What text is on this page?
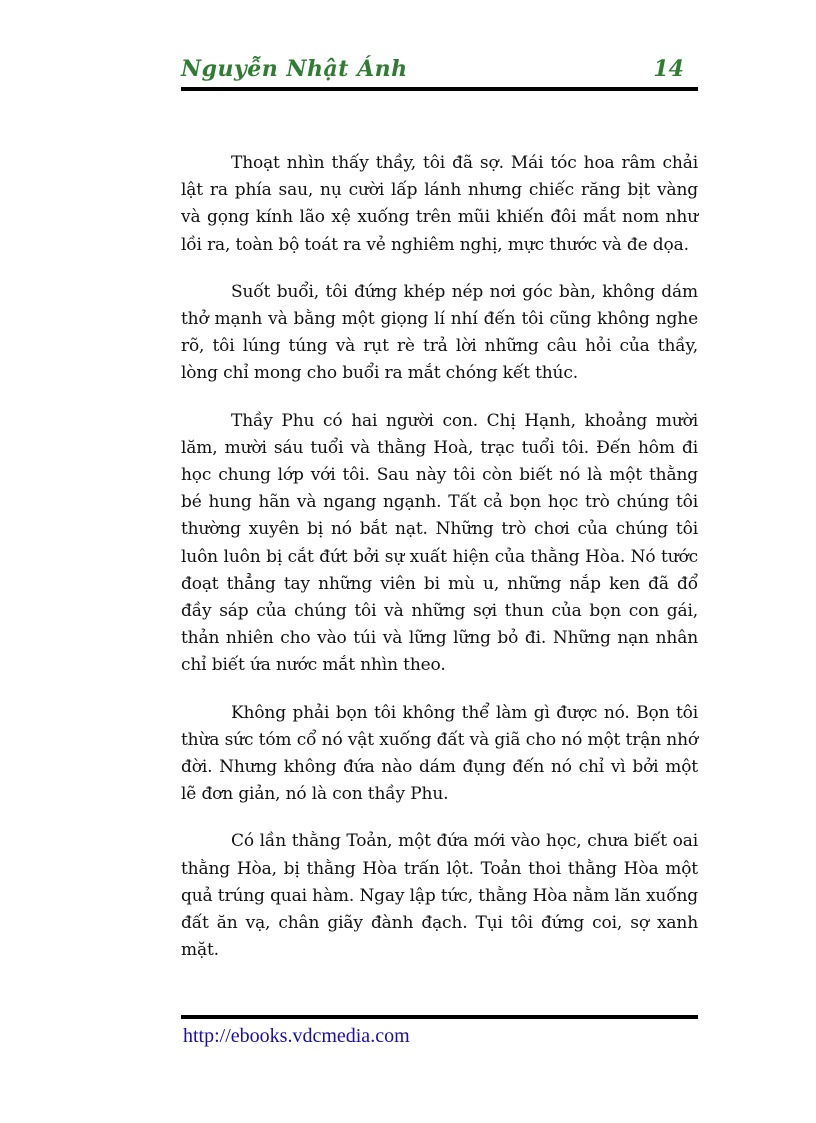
Nguyễn Nhật Ánh	14

Thoạt nhìn thấy thầy, tôi đã sợ. Mái tóc hoa râm chải lật ra phía sau, nụ cười lấp lánh nhưng chiếc răng bịt vàng và gọng kính lão xệ xuống trên mũi khiến đôi mắt nom như lồi ra, toàn bộ toát ra vẻ nghiêm nghị, mực thước và đe dọa.

Suốt buổi, tôi đứng khép nép nơi góc bàn, không dám thở mạnh và bằng một giọng lí nhí đến tôi cũng không nghe rõ, tôi lúng túng và rụt rè trả lời những câu hỏi của thầy, lòng chỉ mong cho buổi ra mắt chóng kết thúc.

Thầy Phu có hai người con. Chị Hạnh, khoảng mười lăm, mười sáu tuổi và thằng Hoà, trạc tuổi tôi. Đến hôm đi học chung lớp với tôi. Sau này tôi còn biết nó là một thằng bé hung hãn và ngang ngạnh. Tất cả bọn học trò chúng tôi thường xuyên bị nó bắt nạt. Những trò chơi của chúng tôi luôn luôn bị cắt đứt bởi sự xuất hiện của thằng Hòa. Nó tước đoạt thẳng tay những viên bi mù u, những nắp ken đã đổ đầy sáp của chúng tôi và những sợi thun của bọn con gái, thản nhiên cho vào túi và lững lững bỏ đi. Những nạn nhân chỉ biết ứa nước mắt nhìn theo.

Không phải bọn tôi không thể làm gì được nó. Bọn tôi thừa sức tóm cổ nó vật xuống đất và giã cho nó một trận nhớ đời. Nhưng không đứa nào dám đụng đến nó chỉ vì bởi một lẽ đơn giản, nó là con thầy Phu.

Có lần thằng Toản, một đứa mới vào học, chưa biết oai thằng Hòa, bị thằng Hòa trấn lột. Toản thoi thằng Hòa một quả trúng quai hàm. Ngay lập tức, thằng Hòa nằm lăn xuống đất ăn vạ, chân giãy đành đạch. Tụi tôi đứng coi, sợ xanh mặt.

http://ebooks.vdcmedia.com
